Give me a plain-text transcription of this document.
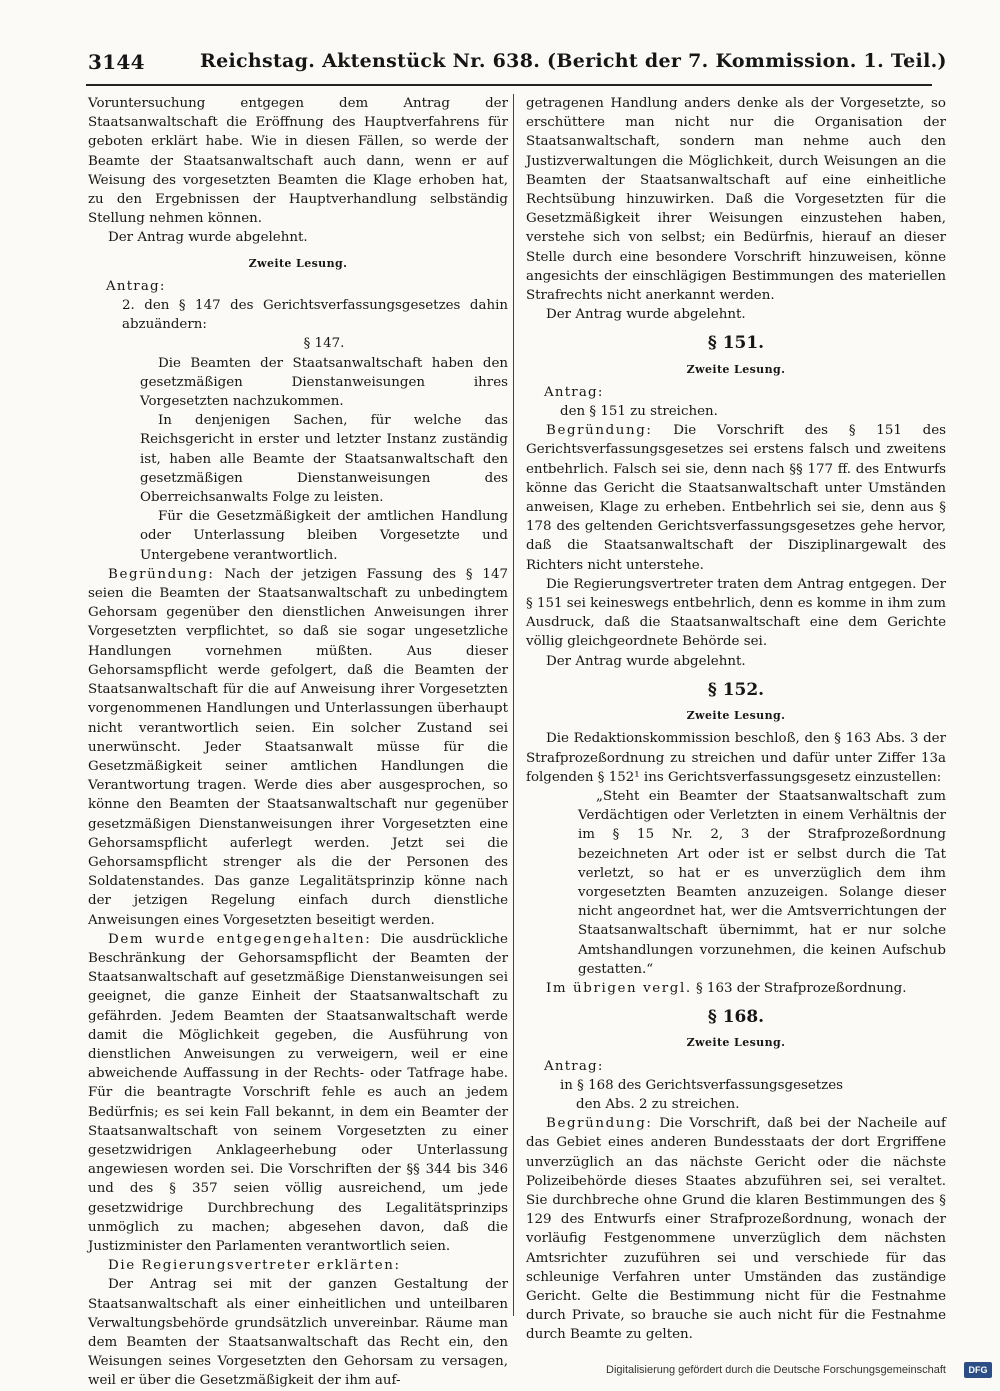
3144	Reichstag. Aktenstück Nr. 638. (Bericht der 7. Kommission. 1. Teil.)

Voruntersuchung entgegen dem Antrag der Staatsanwaltschaft die Eröffnung des Hauptverfahrens für geboten erklärt habe. Wie in diesen Fällen, so werde der Beamte der Staatsanwaltschaft auch dann, wenn er auf Weisung des vorgesetzten Beamten die Klage erhoben hat, zu den Ergebnissen der Hauptverhandlung selbständig Stellung nehmen können.

Der Antrag wurde abgelehnt.

Zweite Lesung.

Antrag:

2. den § 147 des Gerichtsverfassungsgesetzes dahin abzuändern:

§ 147.

Die Beamten der Staatsanwaltschaft haben den gesetzmäßigen Dienstanweisungen ihres Vorgesetzten nachzukommen.

In denjenigen Sachen, für welche das Reichsgericht in erster und letzter Instanz zuständig ist, haben alle Beamte der Staatsanwaltschaft den gesetzmäßigen Dienstanweisungen des Oberreichsanwalts Folge zu leisten.

Für die Gesetzmäßigkeit der amtlichen Handlung oder Unterlassung bleiben Vorgesetzte und Untergebene verantwortlich.

Begründung: Nach der jetzigen Fassung des § 147 seien die Beamten der Staatsanwaltschaft zu unbedingtem Gehorsam gegenüber den dienstlichen Anweisungen ihrer Vorgesetzten verpflichtet, so daß sie sogar ungesetzliche Handlungen vornehmen müßten. Aus dieser Gehorsamspflicht werde gefolgert, daß die Beamten der Staatsanwaltschaft für die auf Anweisung ihrer Vorgesetzten vorgenommenen Handlungen und Unterlassungen überhaupt nicht verantwortlich seien. Ein solcher Zustand sei unerwünscht. Jeder Staatsanwalt müsse für die Gesetzmäßigkeit seiner amtlichen Handlungen die Verantwortung tragen. Werde dies aber ausgesprochen, so könne den Beamten der Staatsanwaltschaft nur gegenüber gesetzmäßigen Dienstanweisungen ihrer Vorgesetzten eine Gehorsamspflicht auferlegt werden. Jetzt sei die Gehorsamspflicht strenger als die der Personen des Soldatenstandes. Das ganze Legalitätsprinzip könne nach der jetzigen Regelung einfach durch dienstliche Anweisungen eines Vorgesetzten beseitigt werden.

Dem wurde entgegengehalten: Die ausdrückliche Beschränkung der Gehorsamspflicht der Beamten der Staatsanwaltschaft auf gesetzmäßige Dienstanweisungen sei geeignet, die ganze Einheit der Staatsanwaltschaft zu gefährden. Jedem Beamten der Staatsanwaltschaft werde damit die Möglichkeit gegeben, die Ausführung von dienstlichen Anweisungen zu verweigern, weil er eine abweichende Auffassung in der Rechts- oder Tatfrage habe. Für die beantragte Vorschrift fehle es auch an jedem Bedürfnis; es sei kein Fall bekannt, in dem ein Beamter der Staatsanwaltschaft von seinem Vorgesetzten zu einer gesetzwidrigen Anklageerhebung oder Unterlassung angewiesen worden sei. Die Vorschriften der §§ 344 bis 346 und des § 357 seien völlig ausreichend, um jede gesetzwidrige Durchbrechung des Legalitätsprinzips unmöglich zu machen; abgesehen davon, daß die Justizminister den Parlamenten verantwortlich seien.

Die Regierungsvertreter erklärten:

Der Antrag sei mit der ganzen Gestaltung der Staatsanwaltschaft als einer einheitlichen und unteilbaren Verwaltungsbehörde grundsätzlich unvereinbar. Räume man dem Beamten der Staatsanwaltschaft das Recht ein, den Weisungen seines Vorgesetzten den Gehorsam zu versagen, weil er über die Gesetzmäßigkeit der ihm auf-

getragenen Handlung anders denke als der Vorgesetzte, so erschüttere man nicht nur die Organisation der Staatsanwaltschaft, sondern man nehme auch den Justizverwaltungen die Möglichkeit, durch Weisungen an die Beamten der Staatsanwaltschaft auf eine einheitliche Rechtsübung hinzuwirken. Daß die Vorgesetzten für die Gesetzmäßigkeit ihrer Weisungen einzustehen haben, verstehe sich von selbst; ein Bedürfnis, hierauf an dieser Stelle durch eine besondere Vorschrift hinzuweisen, könne angesichts der einschlägigen Bestimmungen des materiellen Strafrechts nicht anerkannt werden.

Der Antrag wurde abgelehnt.

§ 151.
Zweite Lesung.

Antrag:

den § 151 zu streichen.

Begründung: Die Vorschrift des § 151 des Gerichtsverfassungsgesetzes sei erstens falsch und zweitens entbehrlich. Falsch sei sie, denn nach §§ 177 ff. des Entwurfs könne das Gericht die Staatsanwaltschaft unter Umständen anweisen, Klage zu erheben. Entbehrlich sei sie, denn aus § 178 des geltenden Gerichtsverfassungsgesetzes gehe hervor, daß die Staatsanwaltschaft der Disziplinargewalt des Richters nicht unterstehe.

Die Regierungsvertreter traten dem Antrag entgegen. Der § 151 sei keineswegs entbehrlich, denn es komme in ihm zum Ausdruck, daß die Staatsanwaltschaft eine dem Gerichte völlig gleichgeordnete Behörde sei.

Der Antrag wurde abgelehnt.

§ 152.
Zweite Lesung.

Die Redaktionskommission beschloß, den § 163 Abs. 3 der Strafprozeßordnung zu streichen und dafür unter Ziffer 13a folgenden § 152¹ ins Gerichtsverfassungsgesetz einzustellen:

„Steht ein Beamter der Staatsanwaltschaft zum Verdächtigen oder Verletzten in einem Verhältnis der im § 15 Nr. 2, 3 der Strafprozeßordnung bezeichneten Art oder ist er selbst durch die Tat verletzt, so hat er es unverzüglich dem ihm vorgesetzten Beamten anzuzeigen. Solange dieser nicht angeordnet hat, wer die Amtsverrichtungen der Staatsanwaltschaft übernimmt, hat er nur solche Amtshandlungen vorzunehmen, die keinen Aufschub gestatten.“

Im übrigen vergl. § 163 der Strafprozeßordnung.

§ 168.
Zweite Lesung.

Antrag:

in § 168 des Gerichtsverfassungsgesetzes

den Abs. 2 zu streichen.

Begründung: Die Vorschrift, daß bei der Nacheile auf das Gebiet eines anderen Bundesstaats der dort Ergriffene unverzüglich an das nächste Gericht oder die nächste Polizeibehörde dieses Staates abzuführen sei, sei veraltet. Sie durchbreche ohne Grund die klaren Bestimmungen des § 129 des Entwurfs einer Strafprozeßordnung, wonach der vorläufig Festgenommene unverzüglich dem nächsten Amtsrichter zuzuführen sei und verschiede für das schleunige Verfahren unter Umständen das zuständige Gericht. Gelte die Bestimmung nicht für die Festnahme durch Private, so brauche sie auch nicht für die Festnahme durch Beamte zu gelten.

Digitalisierung gefördert durch die Deutsche Forschungsgemeinschaft	DFG
